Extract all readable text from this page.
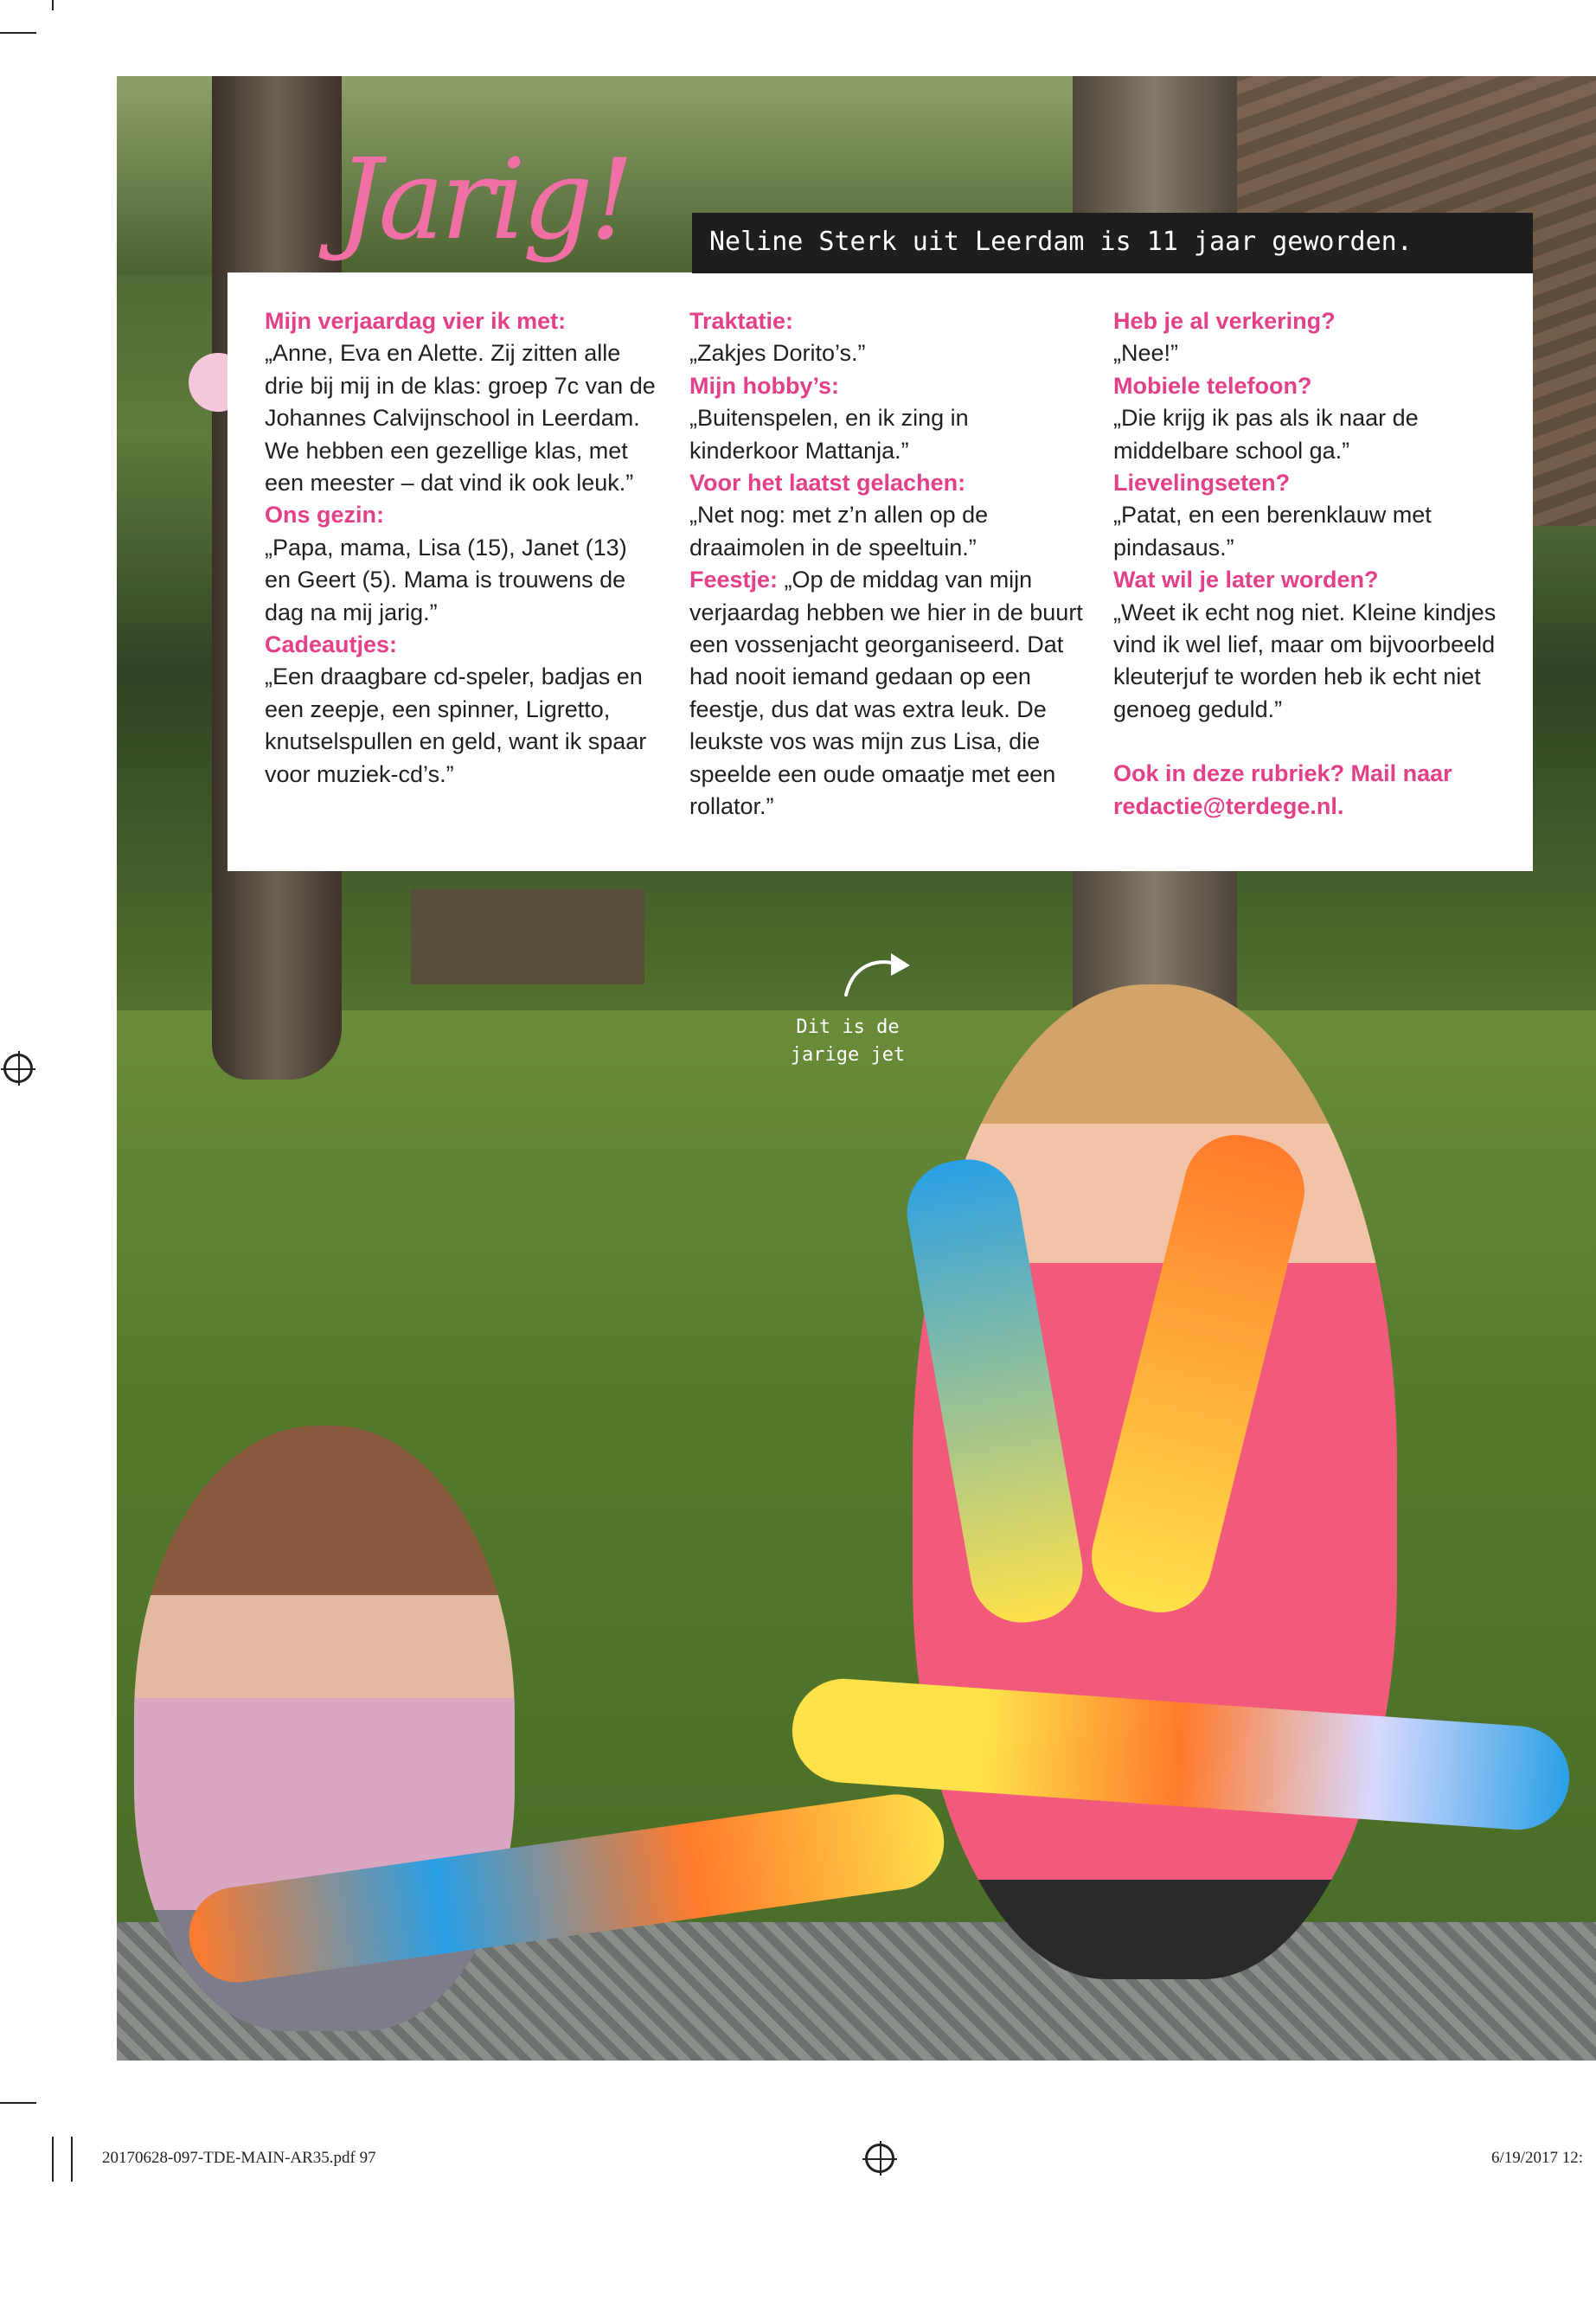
Jarig!	Neline Sterk uit Leerdam is 11 jaar geworden.
Mijn verjaardag vier ik met:
„Anne, Eva en Alette. Zij zitten alle drie bij mij in de klas: groep 7c van de Johannes Calvijnschool in Leerdam. We hebben een gezellige klas, met een meester – dat vind ik ook leuk.”
Ons gezin:
„Papa, mama, Lisa (15), Janet (13) en Geert (5). Mama is trouwens de dag na mij jarig.”
Cadeautjes:
„Een draagbare cd-speler, badjas en een zeepje, een spinner, Ligretto, knutselspullen en geld, want ik spaar voor muziek-cd’s.”
Traktatie:
„Zakjes Dorito’s.”
Mijn hobby’s:
„Buitenspelen, en ik zing in kinderkoor Mattanja.”
Voor het laatst gelachen:
„Net nog: met z’n allen op de draaimolen in de speeltuin.”
Feestje: „Op de middag van mijn verjaardag hebben we hier in de buurt een vossenjacht georganiseerd. Dat had nooit iemand gedaan op een feestje, dus dat was extra leuk. De leukste vos was mijn zus Lisa, die speelde een oude omaatje met een rollator.”
Heb je al verkering?
„Nee!”
Mobiele telefoon?
„Die krijg ik pas als ik naar de middelbare school ga.”
Lievelingseten?
„Patat, en een berenklauw met pindasaus.”
Wat wil je later worden?
„Weet ik echt nog niet. Kleine kindjes vind ik wel lief, maar om bijvoorbeeld kleuterjuf te worden heb ik echt niet genoeg geduld.”
Ook in deze rubriek? Mail naar redactie@terdege.nl.
Dit is de jarige jet
20170628-097-TDE-MAIN-AR35.pdf 97	6/19/2017 12:
